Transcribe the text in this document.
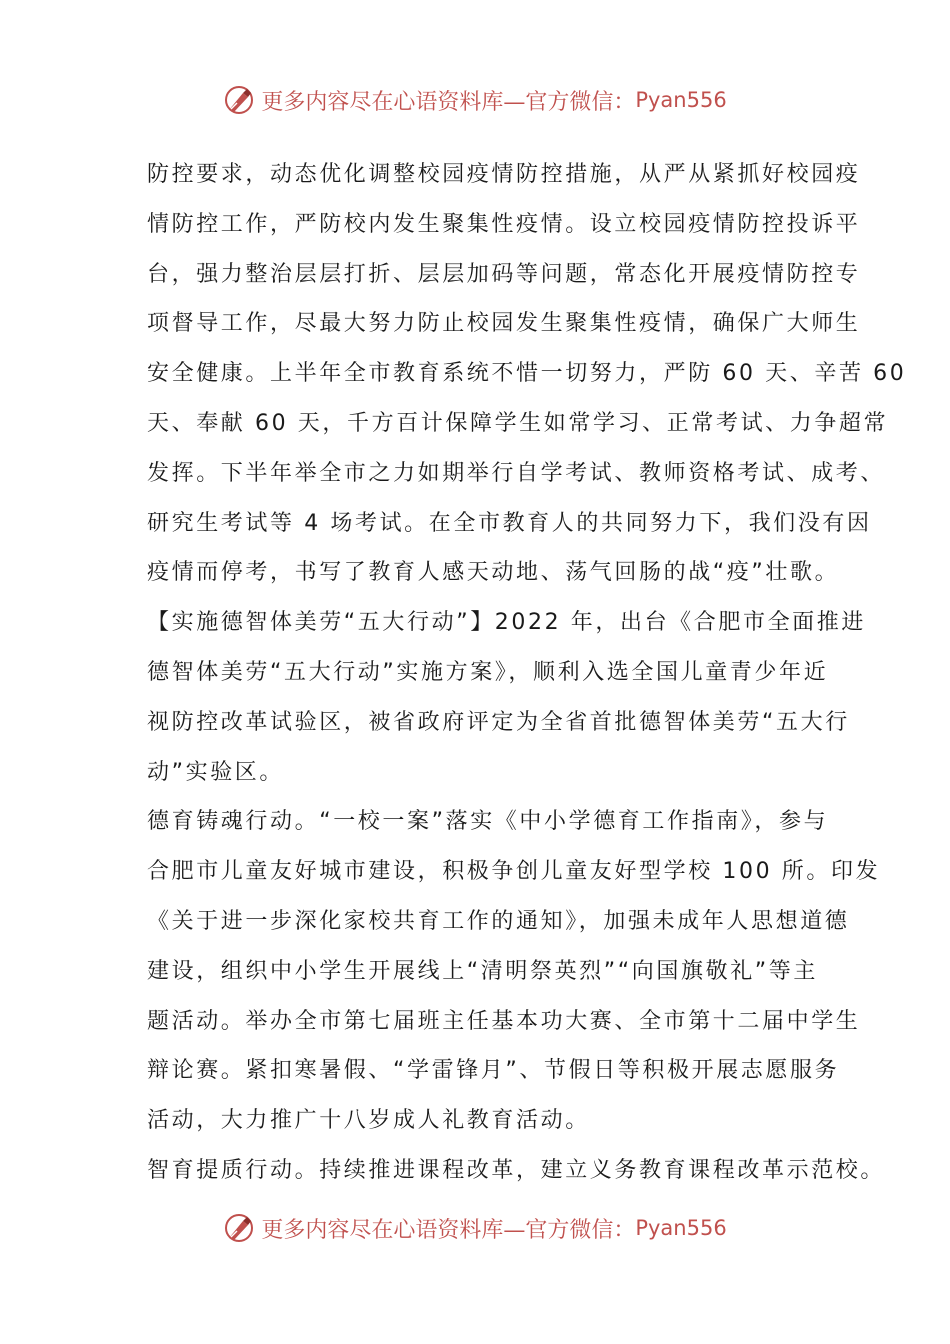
更多内容尽在心语资料库—官方微信： Pyan556
防控要求，动态优化调整校园疫情防控措施，从严从紧抓好校园疫
情防控工作，严防校内发生聚集性疫情。设立校园疫情防控投诉平
台，强力整治层层打折、层层加码等问题，常态化开展疫情防控专
项督导工作，尽最大努力防止校园发生聚集性疫情，确保广大师生
安全健康。上半年全市教育系统不惜一切努力，严防 60 天、辛苦 60
天、奉献 60 天，千方百计保障学生如常学习、正常考试、力争超常
发挥。下半年举全市之力如期举行自学考试、教师资格考试、成考、
研究生考试等 4 场考试。在全市教育人的共同努力下，我们没有因
疫情而停考，书写了教育人感天动地、荡气回肠的战“疫”壮歌。
【实施德智体美劳“五大行动”】2022 年，出台《合肥市全面推进
德智体美劳“五大行动”实施方案》，顺利入选全国儿童青少年近
视防控改革试验区，被省政府评定为全省首批德智体美劳“五大行
动”实验区。
德育铸魂行动。“一校一案”落实《中小学德育工作指南》，参与
合肥市儿童友好城市建设，积极争创儿童友好型学校 100 所。印发
《关于进一步深化家校共育工作的通知》，加强未成年人思想道德
建设，组织中小学生开展线上“清明祭英烈”“向国旗敬礼”等主
题活动。举办全市第七届班主任基本功大赛、全市第十二届中学生
辩论赛。紧扣寒暑假、“学雷锋月”、节假日等积极开展志愿服务
活动，大力推广十八岁成人礼教育活动。
智育提质行动。持续推进课程改革，建立义务教育课程改革示范校。
更多内容尽在心语资料库—官方微信： Pyan556
